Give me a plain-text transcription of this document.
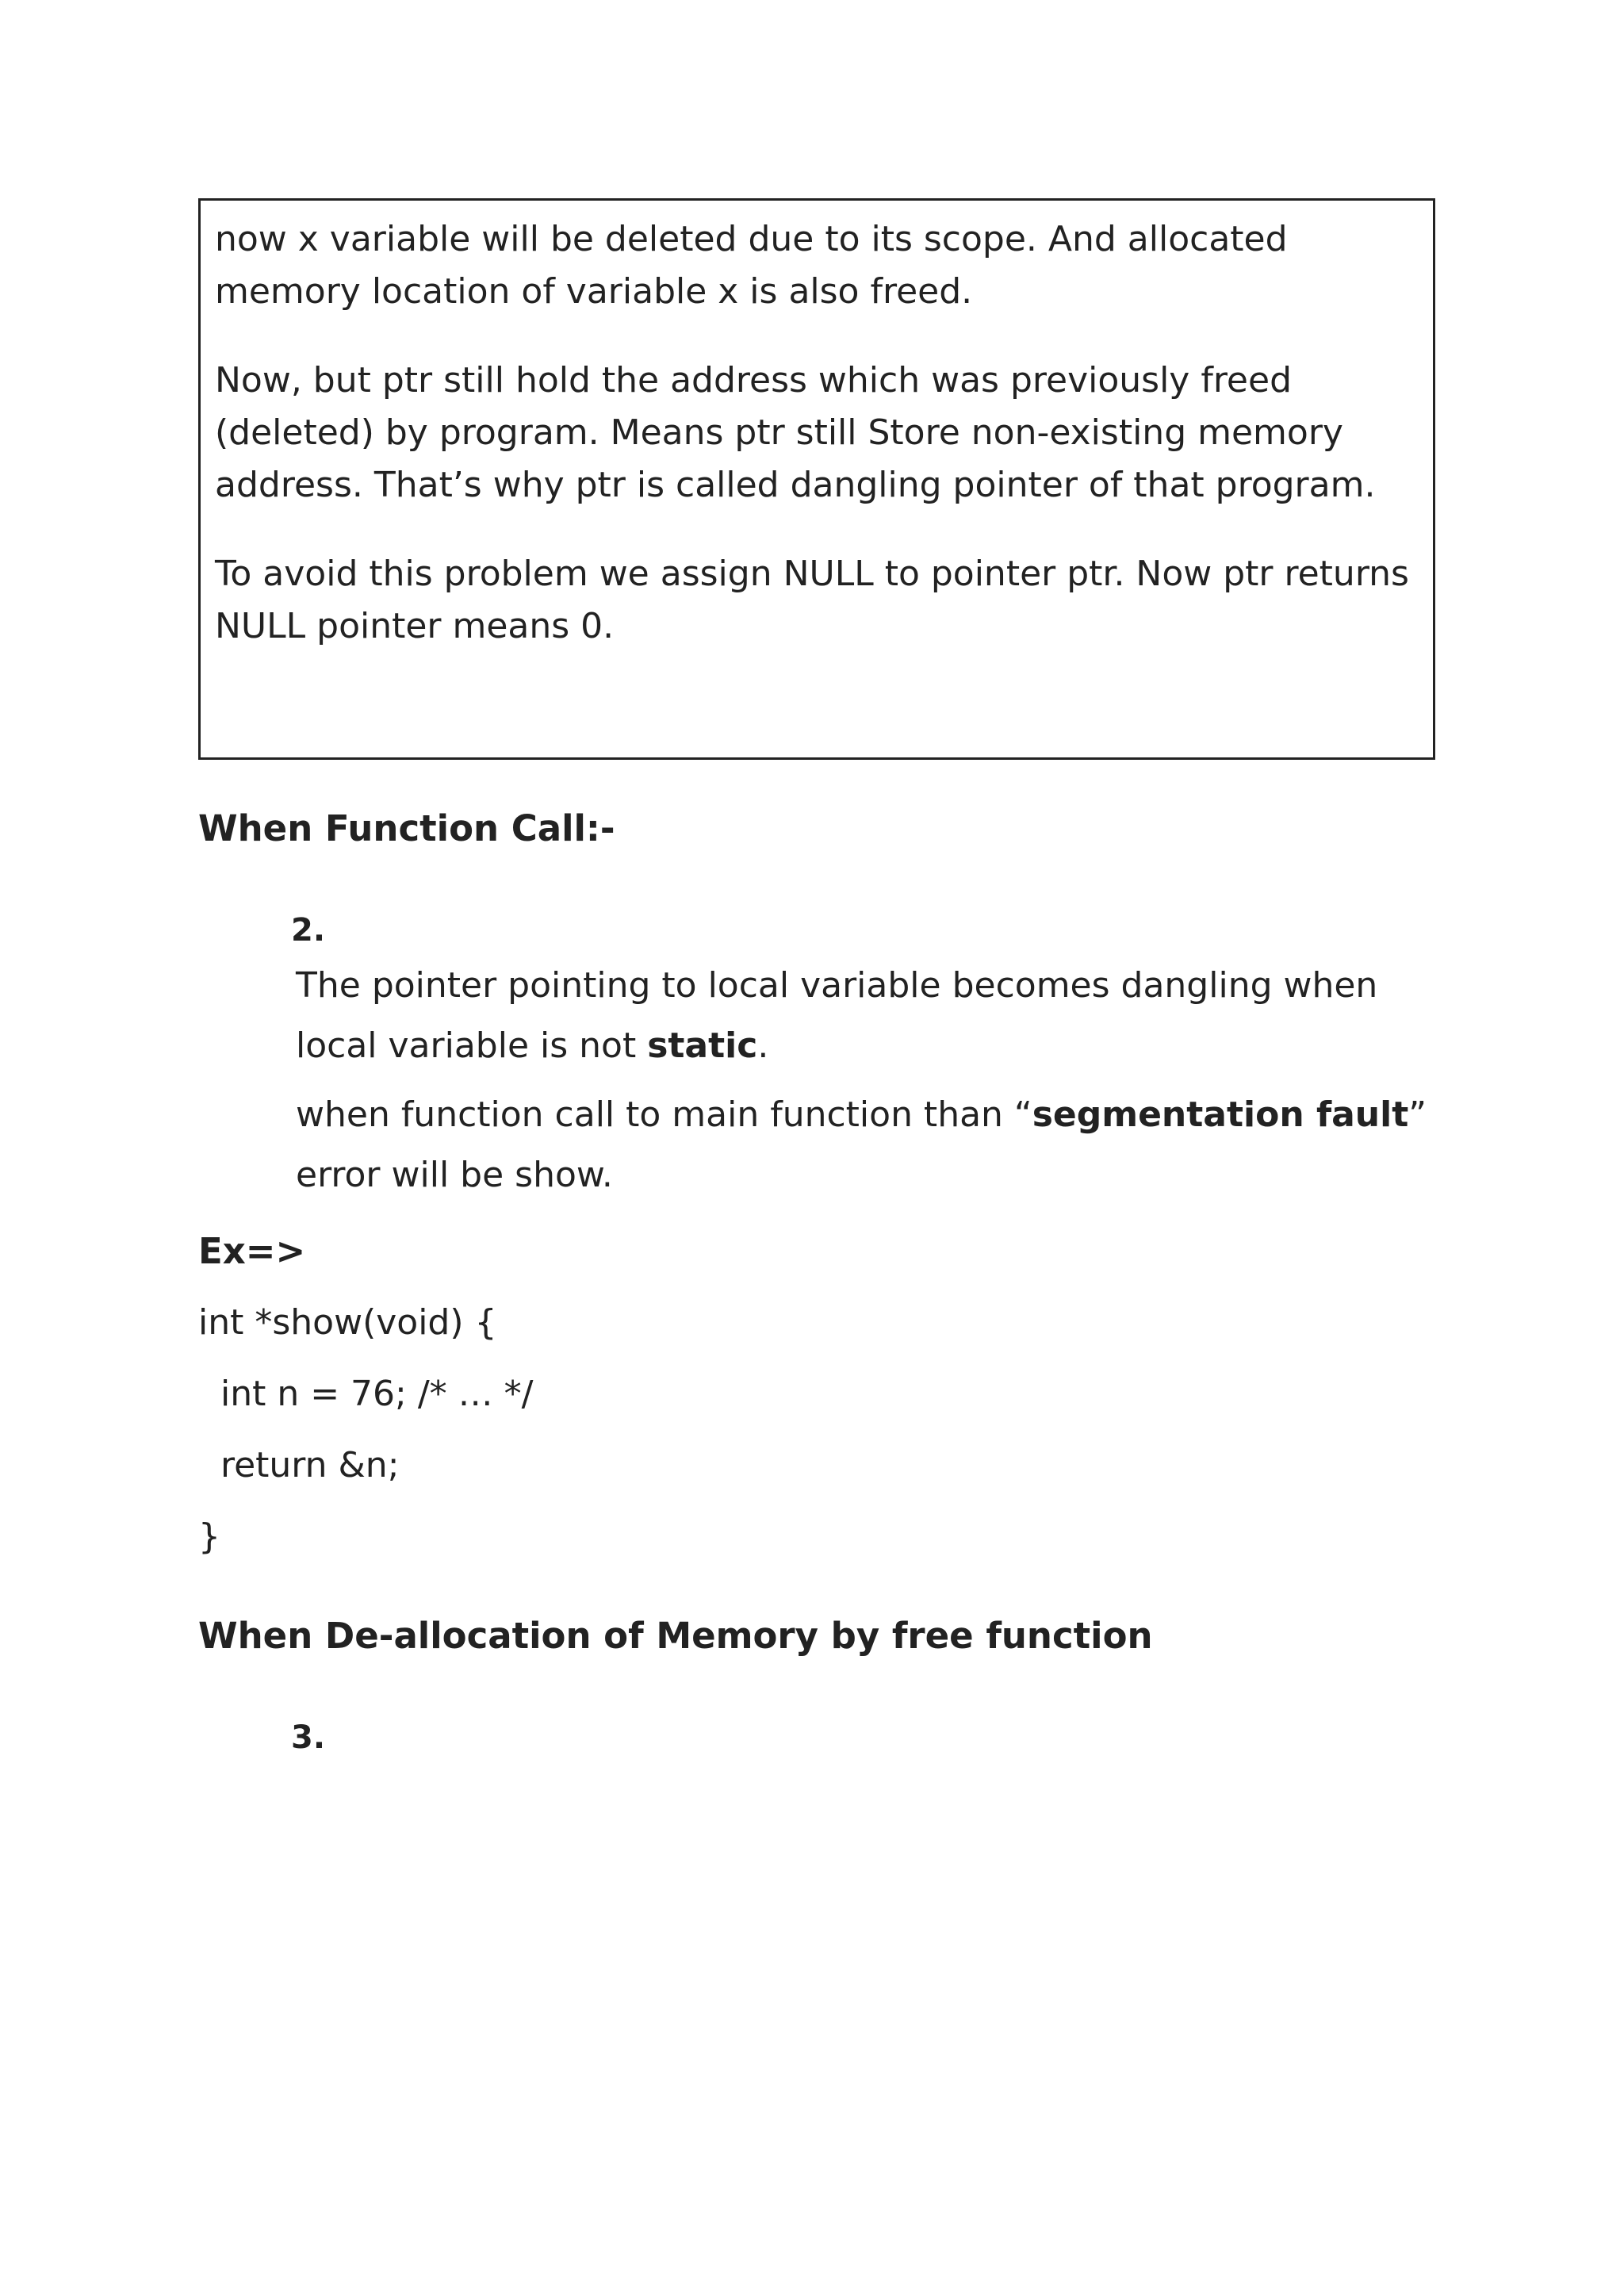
now x variable will be deleted due to its scope. And allocated memory location of variable x is also freed.

Now, but ptr still hold the address which was previously freed (deleted) by program. Means ptr still Store non-existing memory address. That’s why ptr is called dangling pointer of that program.

To avoid this problem we assign NULL to pointer ptr. Now ptr returns NULL pointer means 0.

When Function Call:-
2.

The pointer pointing to local variable becomes dangling when local variable is not static.

when function call to main function than “segmentation fault” error will be show.

Ex=>
int *show(void) {
int n = 76; /* … */
return &n;
}
When De-allocation of Memory by free function
3.
